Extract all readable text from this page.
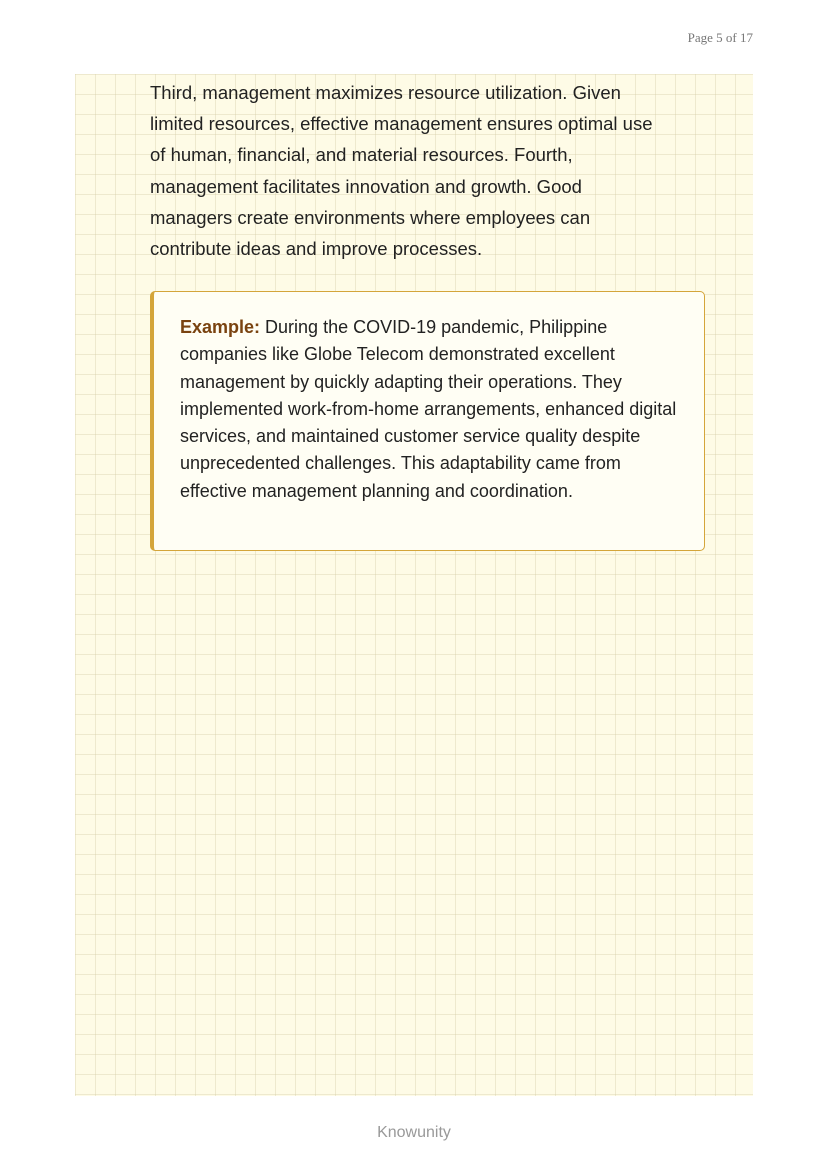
Page 5 of 17

Third, management maximizes resource utilization. Given limited resources, effective management ensures optimal use of human, financial, and material resources. Fourth, management facilitates innovation and growth. Good managers create environments where employees can contribute ideas and improve processes.

Example: During the COVID-19 pandemic, Philippine companies like Globe Telecom demonstrated excellent management by quickly adapting their operations. They implemented work-from-home arrangements, enhanced digital services, and maintained customer service quality despite unprecedented challenges. This adaptability came from effective management planning and coordination.

Knowunity
